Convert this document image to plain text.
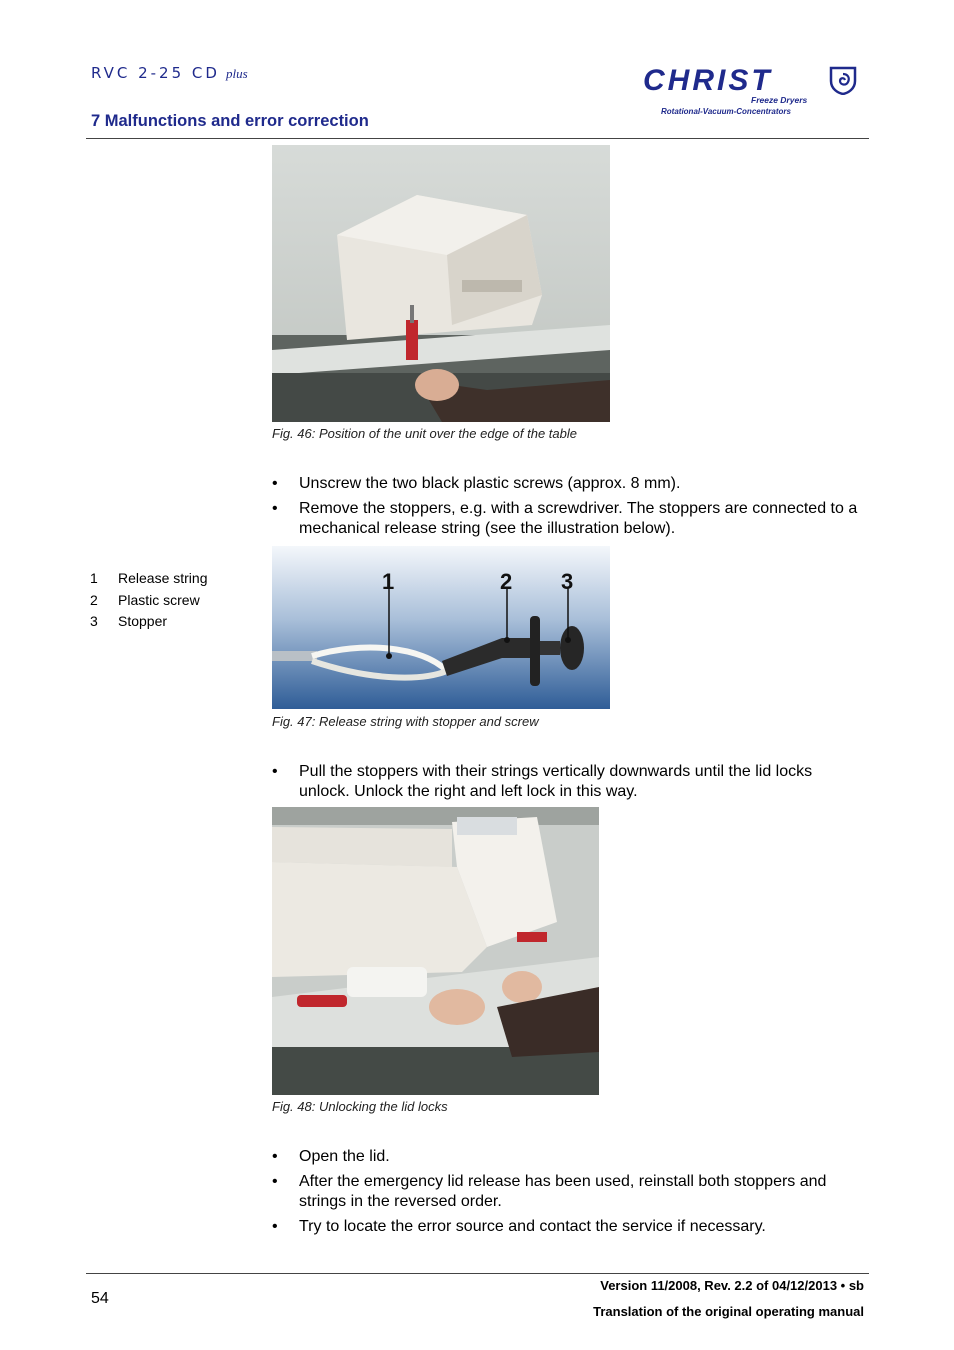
RVC 2-25 CD plus
7 Malfunctions and error correction
CHRIST
Freeze Dryers
Rotational-Vacuum-Concentrators
Fig. 46: Position of the unit over the edge of the table
• Unscrew the two black plastic screws (approx. 8 mm).
• Remove the stoppers, e.g. with a screwdriver. The stoppers are connected to a mechanical release string (see the illustration below).
1 Release string
2 Plastic screw
3 Stopper
1	2 3
Fig. 47: Release string with stopper and screw
• Pull the stoppers with their strings vertically downwards until the lid locks unlock. Unlock the right and left lock in this way.
Fig. 48: Unlocking the lid locks
• Open the lid.
• After the emergency lid release has been used, reinstall both stoppers and strings in the reversed order.
• Try to locate the error source and contact the service if necessary.
54
Version 11/2008, Rev. 2.2 of 04/12/2013 • sb
Translation of the original operating manual
